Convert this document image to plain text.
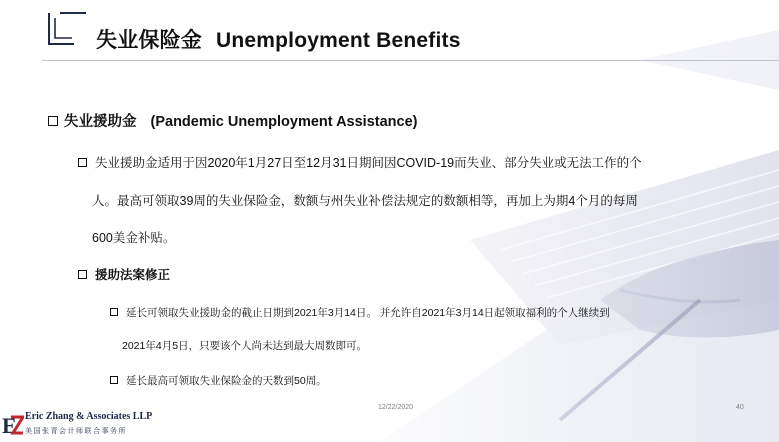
失业保险金 Unemployment Benefits
失业援助金 (Pandemic Unemployment Assistance)
失业援助金适用于因2020年1月27日至12月31日期间因COVID-19而失业、部分失业或无法工作的个
人。最高可领取39周的失业保险金，数额与州失业补偿法规定的数额相等，再加上为期4个月的每周
600美金补贴。
援助法案修正
延长可领取失业援助金的截止日期到2021年3月14日。 并允许自2021年3月14日起领取福利的个人继续到
2021年4月5日，只要该个人尚未达到最大周数即可。
延长最高可领取失业保险金的天数到50周。
12/22/2020	40
E Eric Zhang & Associates LLP
美国张青会计师联合事务所
